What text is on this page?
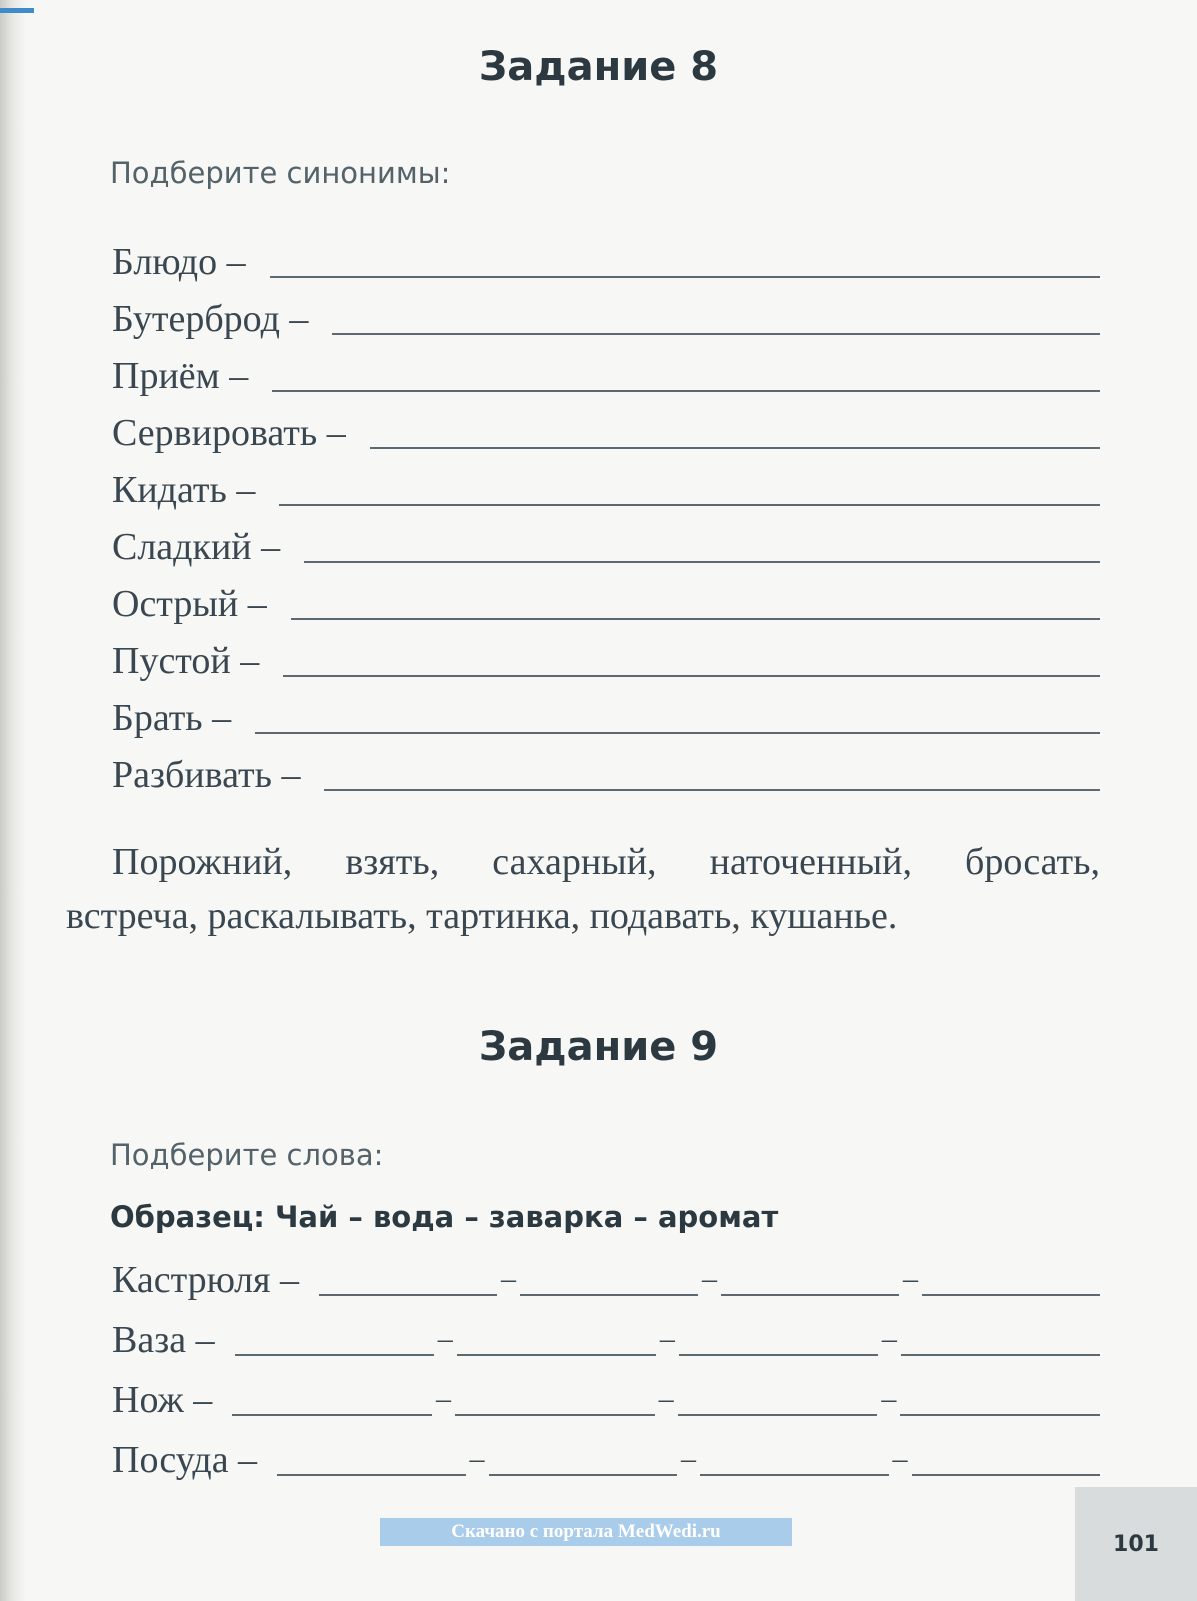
Задание 8

Подберите синонимы:

Блюдо –
Бутерброд –
Приём –
Сервировать –
Кидать –
Сладкий –
Острый –
Пустой –
Брать –
Разбивать –

Порожний, взять, сахарный, наточенный, бросать,
встреча, раскалывать, тартинка, подавать, кушанье.

Задание 9

Подберите слова:

Образец: Чай – вода – заварка – аромат

Кастрюля –	–	–	–
Ваза –	–	–	–
Нож –	–	–	–
Посуда –	–	–	–
Скачано с портала MedWedi.ru	101
